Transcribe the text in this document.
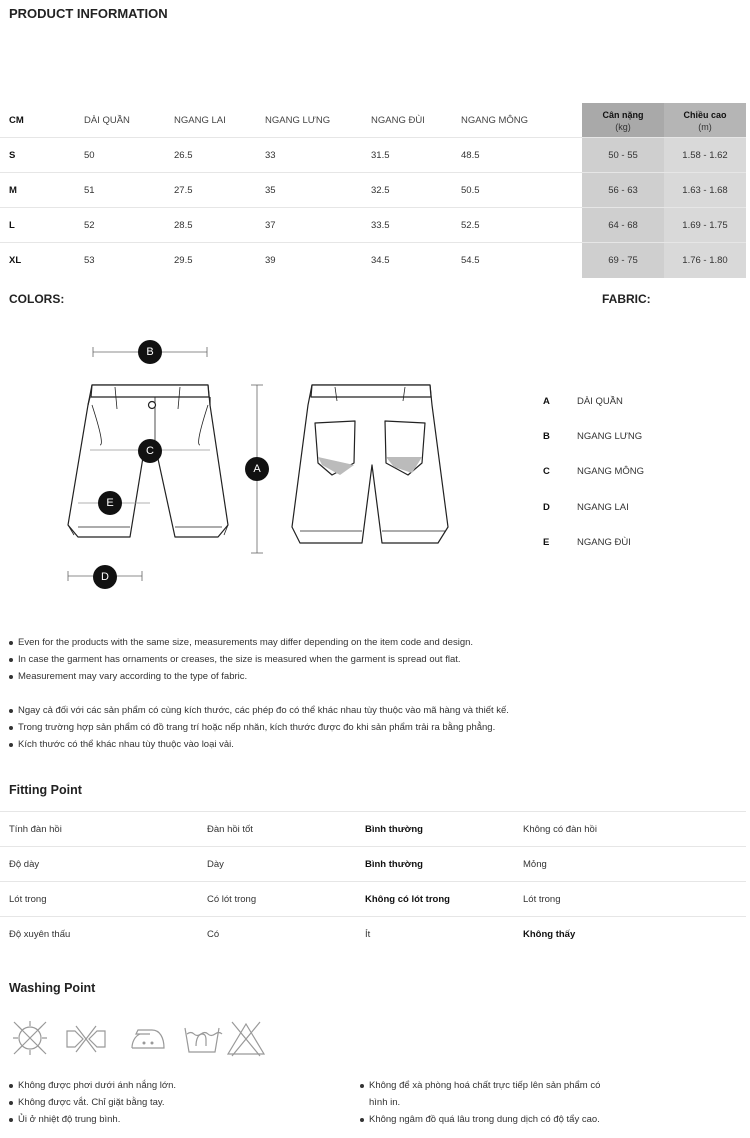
PRODUCT INFORMATION
CM	DÀI QUẦN	NGANG LAI	NGANG LƯNG	NGANG ĐÙI	NGANG MÔNG	Cân nặng
(kg)
Chiều cao
(m)
S	50	26.5	33	31.5	48.5	50 - 55	1.58 - 1.62
M	51	27.5	35	32.5	50.5	56 - 63	1.63 - 1.68
L	52	28.5	37	33.5	52.5	64 - 68	1.69 - 1.75
XL	53	29.5	39	34.5	54.5	69 - 75	1.76 - 1.80
COLORS:	FABRIC:
B
C
A
E
D
A	DÀI QUẦN
B	NGANG LƯNG
C	NGANG MÔNG
D	NGANG LAI
E	NGANG ĐÙI
Even for the products with the same size, measurements may differ depending on the item code and design.
In case the garment has ornaments or creases, the size is measured when the garment is spread out flat.
Measurement may vary according to the type of fabric.
Ngay cả đối với các sản phẩm có cùng kích thước, các phép đo có thể khác nhau tùy thuộc vào mã hàng và thiết kế.
Trong trường hợp sản phẩm có đồ trang trí hoặc nếp nhăn, kích thước được đo khi sản phẩm trải ra bằng phẳng.
Kích thước có thể khác nhau tùy thuộc vào loại vải.
Fitting Point
Tính đàn hồi	Đàn hồi tốt	Bình thường	Không có đàn hồi
Độ dày	Dày	Bình thường	Mỏng
Lót trong	Có lót trong	Không có lót trong	Lót trong
Độ xuyên thấu	Có	Ít	Không thấy
Washing Point
Không được phơi dưới ánh nắng lớn.
Không được vắt. Chỉ giặt bằng tay.
Ủi ở nhiệt độ trung bình.
Không để xà phòng hoá chất trực tiếp lên sản phẩm có hình in.
Không ngâm đồ quá lâu trong dung dịch có độ tẩy cao.
